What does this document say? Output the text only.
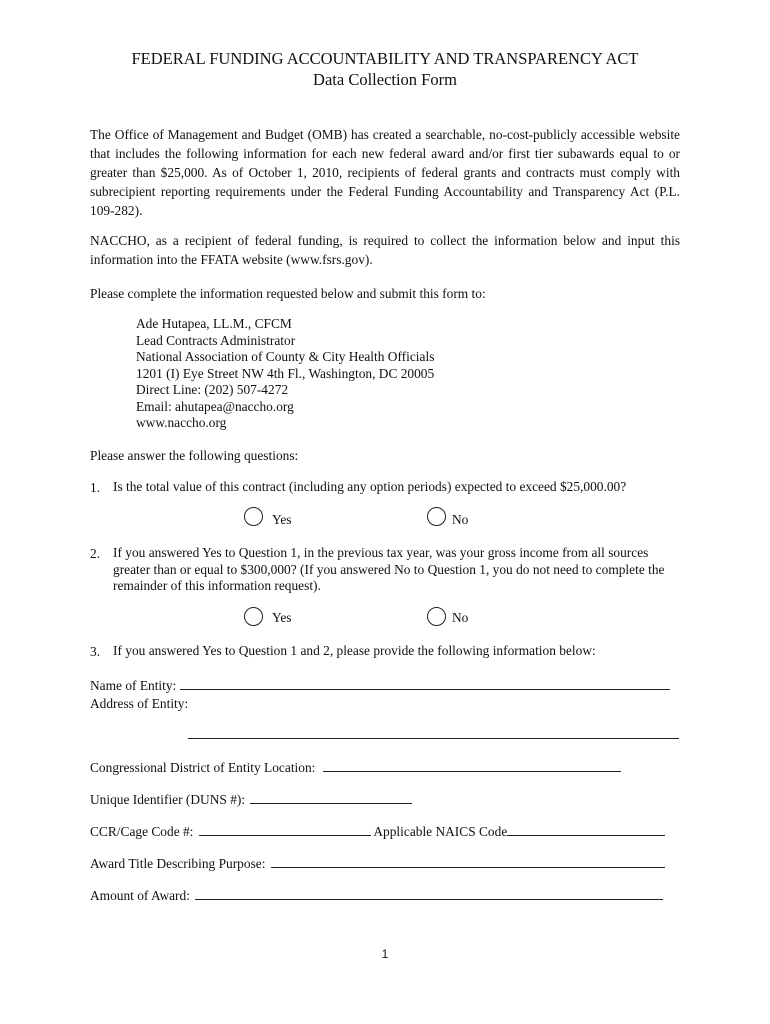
FEDERAL FUNDING ACCOUNTABILITY AND TRANSPARENCY ACT
Data Collection Form
The Office of Management and Budget (OMB) has created a searchable, no-cost-publicly accessible website that includes the following information for each new federal award and/or first tier subawards equal to or greater than $25,000. As of October 1, 2010, recipients of federal grants and contracts must comply with subrecipient reporting requirements under the Federal Funding Accountability and Transparency Act (P.L. 109-282).
NACCHO, as a recipient of federal funding, is required to collect the information below and input this information into the FFATA website (www.fsrs.gov).
Please complete the information requested below and submit this form to:
Ade Hutapea, LL.M., CFCM
Lead Contracts Administrator
National Association of County & City Health Officials
1201 (I) Eye Street NW 4th Fl., Washington, DC 20005
Direct Line: (202) 507-4272
Email: ahutapea@naccho.org
www.naccho.org
Please answer the following questions:
1. Is the total value of this contract (including any option periods) expected to exceed $25,000.00?
Yes	No
2. If you answered Yes to Question 1, in the previous tax year, was your gross income from all sources greater than or equal to $300,000? (If you answered No to Question 1, you do not need to complete the remainder of this information request).
Yes	No
3. If you answered Yes to Question 1 and 2, please provide the following information below:
Name of Entity:
Address of Entity:
Congressional District of Entity Location:
Unique Identifier (DUNS #):
CCR/Cage Code #:	Applicable NAICS Code
Award Title Describing Purpose:
Amount of Award:
1
